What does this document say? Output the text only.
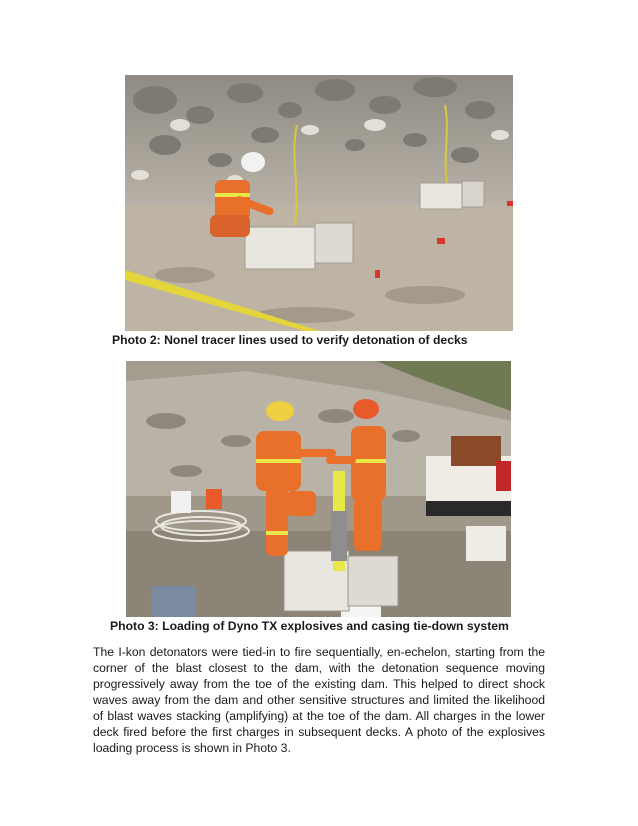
Photo 2: Nonel tracer lines used to verify detonation of decks
Photo 3: Loading of Dyno TX explosives and casing tie-down system

The I-kon detonators were tied-in to fire sequentially, en-echelon, starting from the corner of the blast closest to the dam, with the detonation sequence moving progressively away from the toe of the existing dam. This helped to direct shock waves away from the dam and other sensitive structures and limited the likelihood of blast waves stacking (amplifying) at the toe of the dam. All charges in the lower deck fired before the first charges in subsequent decks. A photo of the explosives loading process is shown in Photo 3.
